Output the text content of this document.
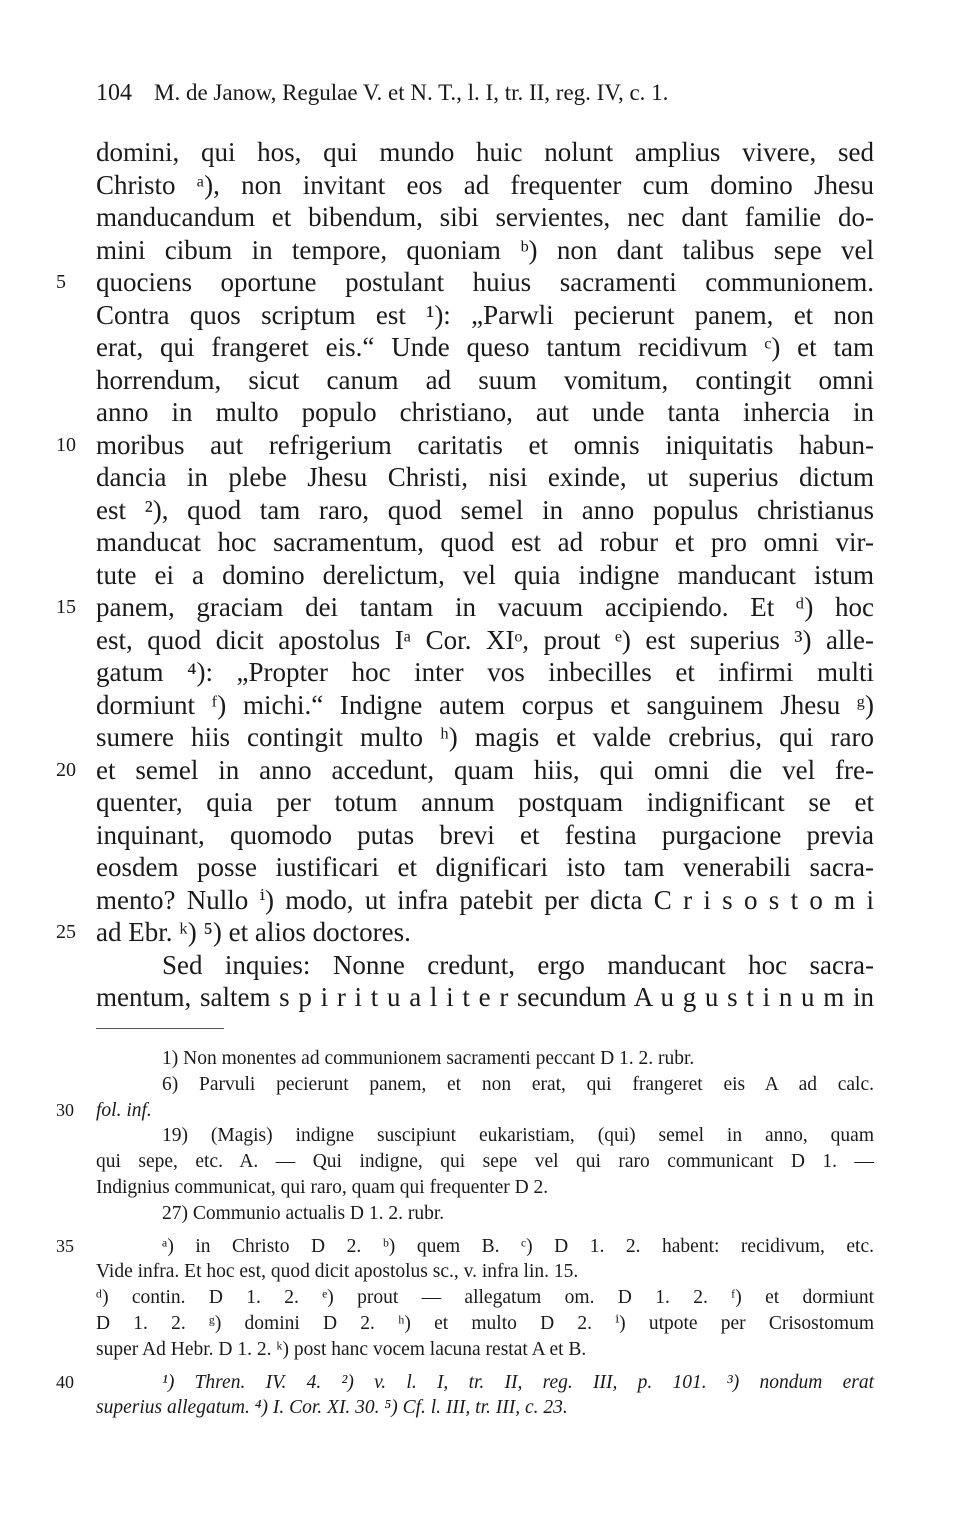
104 M. de Janow, Regulae V. et N. T., l. I, tr. II, reg. IV, c. 1.
domini, qui hos, qui mundo huic nolunt amplius vivere, sed
Christo ᵃ), non invitant eos ad frequenter cum domino Jhesu
manducandum et bibendum, sibi servientes, nec dant familie do-
mini cibum in tempore, quoniam ᵇ) non dant talibus sepe vel
5 quociens oportune postulant huius sacramenti communionem.
Contra quos scriptum est ¹): „Parwli pecierunt panem, et non
erat, qui frangeret eis.“ Unde queso tantum recidivum ᶜ) et tam
horrendum, sicut canum ad suum vomitum, contingit omni
anno in multo populo christiano, aut unde tanta inhercia in
10 moribus aut refrigerium caritatis et omnis iniquitatis habun-
dancia in plebe Jhesu Christi, nisi exinde, ut superius dictum
est ²), quod tam raro, quod semel in anno populus christianus
manducat hoc sacramentum, quod est ad robur et pro omni vir-
tute ei a domino derelictum, vel quia indigne manducant istum
15 panem, graciam dei tantam in vacuum accipiendo. Et ᵈ) hoc
est, quod dicit apostolus Iᵃ Cor. XIᵒ, prout ᵉ) est superius ³) alle-
gatum ⁴): „Propter hoc inter vos inbecilles et infirmi multi
dormiunt ᶠ) michi.“ Indigne autem corpus et sanguinem Jhesu ᵍ)
sumere hiis contingit multo ʰ) magis et valde crebrius, qui raro
20 et semel in anno accedunt, quam hiis, qui omni die vel fre-
quenter, quia per totum annum postquam indignificant se et
inquinant, quomodo putas brevi et festina purgacione previa
eosdem posse iustificari et dignificari isto tam venerabili sacra-
mento? Nullo ⁱ) modo, ut infra patebit per dicta C r i s o s t o m i
25 ad Ebr. ᵏ) ⁵) et alios doctores.
Sed inquies: Nonne credunt, ergo manducant hoc sacra-
mentum, saltem s p i r i t u a l i t e r secundum A u g u s t i n u m in
1) Non monentes ad communionem sacramenti peccant D 1. 2. rubr.
6) Parvuli pecierunt panem, et non erat, qui frangeret eis A ad calc.
30 fol. inf.
19) (Magis) indigne suscipiunt eukaristiam, (qui) semel in anno, quam
qui sepe, etc. A. — Qui indigne, qui sepe vel qui raro communicant D 1. —
Indignius communicat, qui raro, quam qui frequenter D 2.
27) Communio actualis D 1. 2. rubr.
35	ᵃ) in Christo D 2. ᵇ) quem B. ᶜ) D 1. 2. habent: recidivum, etc.
Vide infra. Et hoc est, quod dicit apostolus sc., v. infra lin. 15.
ᵈ) contin. D 1. 2. ᵉ) prout — allegatum om. D 1. 2. ᶠ) et dormiunt
D 1. 2. ᵍ) domini D 2. ʰ) et multo D 2. ⁱ) utpote per Crisostomum
super Ad Hebr. D 1. 2. ᵏ) post hanc vocem lacuna restat A et B.
40	¹) Thren. IV. 4. ²) v. l. I, tr. II, reg. III, p. 101. ³) nondum erat
superius allegatum. ⁴) I. Cor. XI. 30. ⁵) Cf. l. III, tr. III, c. 23.
